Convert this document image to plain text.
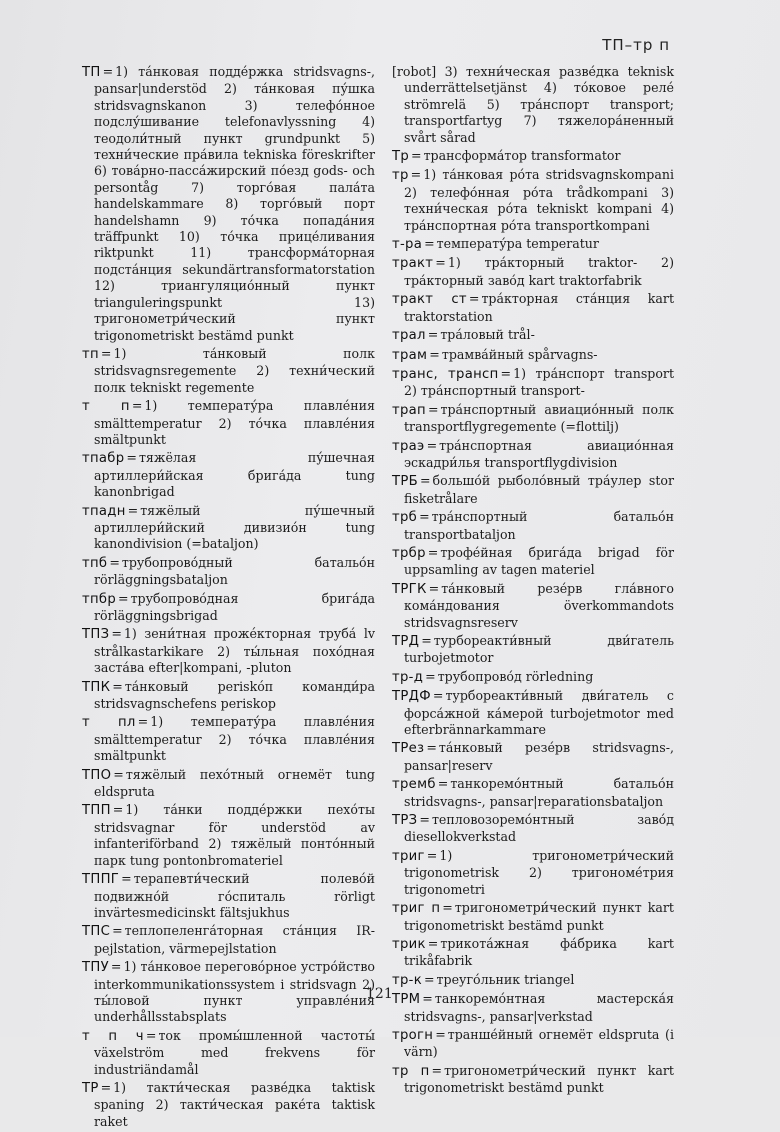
ТП–тр п

ТП = 1) та́нковая подде́ржка stridsvagns-, pansar|understöd 2) та́нковая пу́шка stridsvagnskanon 3) телефо́нное подслу́шивание telefonavlyssning 4) теодоли́тный пункт grundpunkt 5) техни́ческие пра́вила tekniska föreskrifter 6) това́рно-пасса́жирский по́езд gods- och persontåg 7) торго́вая пала́та handelskammare 8) торго́вый порт handelshamn 9) то́чка попада́ния träffpunkt 10) то́чка прице́ливания riktpunkt 11) трансформа́торная подста́нция sekundärtransformatorstation 12) триангуляцио́нный пункт trianguleringspunkt 13) тригонометри́ческий пункт trigonometriskt bestämd punkt

тп = 1) та́нковый полк stridsvagnsregemente 2) техни́ческий полк tekniskt regemente

т п = 1) температу́ра плавле́ния smälttemperatur 2) то́чка плавле́ния smältpunkt

тпабр = тяжёлая пу́шечная артиллери́йская брига́да tung kanonbrigad

тпадн = тяжёлый пу́шечный артиллери́йский дивизио́н tung kanondivision (=bataljon)

тпб = трубопрово́дный батальо́н rörläggningsbataljon

тпбр = трубопрово́дная брига́да rörläggningsbrigad

ТПЗ = 1) зени́тная прожéкторная труба́ lv strålkastarkikare 2) ты́льная похо́дная заста́ва efter|kompani, -pluton

ТПК = та́нковый periskóп команди́ра stridsvagnschefens periskop

т пл = 1) температу́ра плавле́ния smälttemperatur 2) то́чка плавле́ния smältpunkt

ТПО = тяжёлый пехо́тный огнемёт tung eldspruta

ТПП = 1) та́нки подде́ржки пехо́ты stridsvagnar för understöd av infanteriförband 2) тяжёлый понто́нный парк tung pontonbromateriel

ТППГ = терапевти́ческий полево́й подвижно́й го́спиталь rörligt invärtesmedicinskt fältsjukhus

ТПС = теплопеленга́торная ста́нция IR-pejlstation, värmepejlstation

ТПУ = 1) та́нковое переговóрное устро́йство interkommunikationssystem i stridsvagn 2) ты́ловой пункт управле́ния underhållsstabsplats

т п ч = ток промы́шленной частоты́ växelström med frekvens för industriändamål

ТР = 1) такти́ческая разве́дка taktisk spaning 2) такти́ческая раке́та taktisk raket

[robot] 3) техни́ческая разве́дка teknisk underrättelsetjänst 4) то́ковое реле́ strömrelä 5) тра́нспорт transport; transportfartyg 7) тяжелора́ненный svårt sårad

Тр = трансформа́тор transformator

тр = 1) та́нковая ро́та stridsvagnskompani 2) телефо́нная ро́та trådkompani 3) техни́ческая ро́та tekniskt kompani 4) тра́нспортная ро́та transportkompani

т-ра = температу́ра temperatur

тракт = 1) тра́кторный traktor- 2) тра́кторный заво́д kart traktorfabrik

тракт ст = тра́кторная ста́нция kart traktorstation

трал = тра́ловый trål-

трам = трамва́йный spårvagns-

транс, трансп = 1) тра́нспорт transport 2) тра́нспортный transport-

трап = тра́нспортный авиацио́нный полк transportflygregemente (=flottilj)

траэ = тра́нспортная авиацио́нная эскадри́лья transportflygdivision

ТРБ = большо́й рыболо́вный тра́улер stor fisketrålare

трб = тра́нспортный батальо́н transportbataljon

трбр = трофе́йная брига́да brigad för uppsamling av tagen materiel

ТРГК = та́нковый резе́рв гла́вного кома́ндования överkommandots stridsvagnsreserv

ТРД = турбореакти́вный дви́гатель turbojetmotor

тр-д = трубопрово́д rörledning

ТРДФ = турбореакти́вный дви́гатель с форса́жной ка́мерой turbojetmotor med efterbrännarkammare

ТРез = та́нковый резе́рв stridsvagns-, pansar|reserv

тремб = танкоремо́нтный батальо́н stridsvagns-, pansar|reparationsbataljon

ТРЗ = тепловозоремо́нтный заво́д diesellokverkstad

триг = 1) тригонометри́ческий trigonometrisk 2) тригономе́трия trigonometri

триг п = тригонометри́ческий пункт kart trigonometriskt bestämd punkt

трик = трикота́жная фа́брика kart trikåfabrik

тр-к = треуго́льник triangel

ТРМ = танкоремо́нтная мастерска́я stridsvagns-, pansar|verkstad

трогн = транше́йный огнемёт eldspruta (i värn)

тр п = тригонометри́ческий пункт kart trigonometriskt bestämd punkt

121
